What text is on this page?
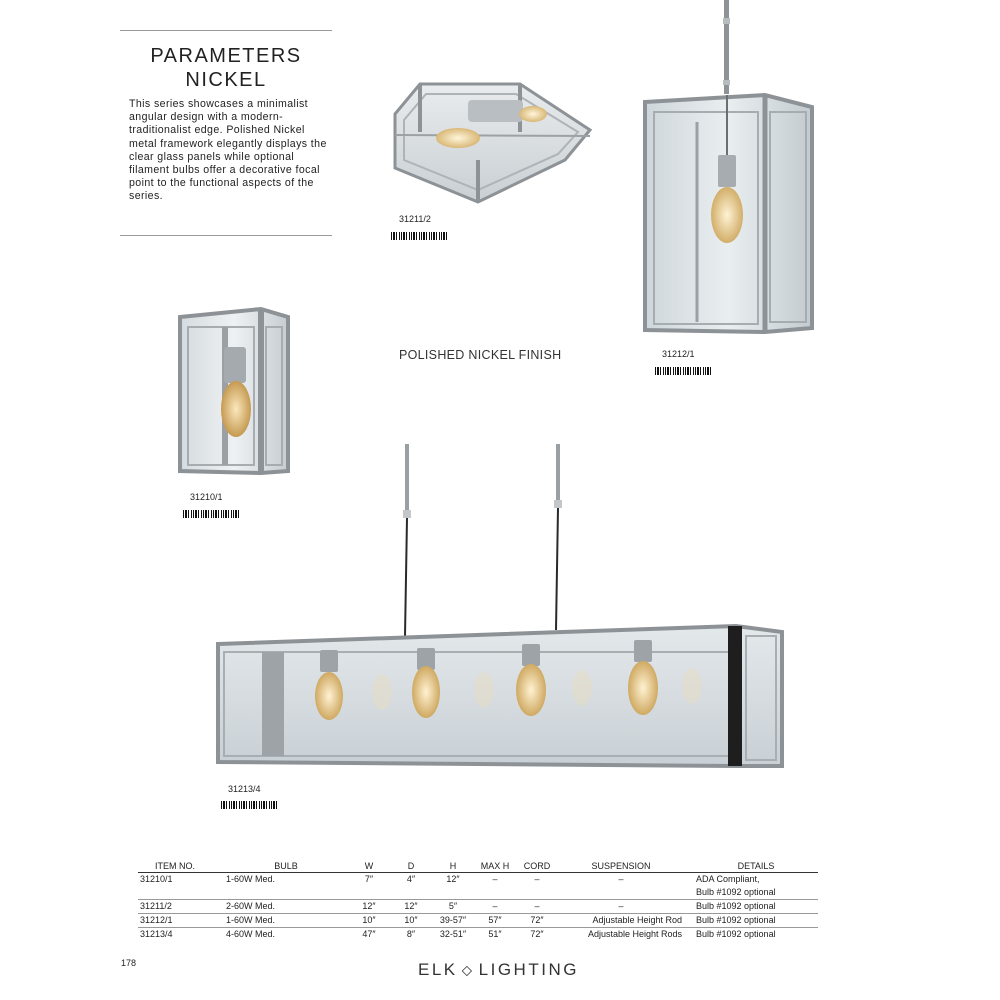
PARAMETERS
NICKEL
This series showcases a minimalist angular design with a modern-traditionalist edge. Polished Nickel metal framework elegantly displays the clear glass panels while optional filament bulbs offer a decorative focal point to the functional aspects of the series.
31211/2
31212/1
POLISHED NICKEL FINISH
31210/1
31213/4
ITEM NO.	BULB	W	D	H	MAX H	CORD	SUSPENSION	DETAILS
31210/1	1-60W Med.	7″	4″	12″	–	–	–	ADA Compliant,
								Bulb #1092 optional
31211/2	2-60W Med.	12″	12″	5″	–	–	–	Bulb #1092 optional
31212/1	1-60W Med.	10″	10″	39-57″	57″	72″	Adjustable Height Rod	Bulb #1092 optional
31213/4	4-60W Med.	47″	8″	32-51″	51″	72″	Adjustable Height Rods	Bulb #1092 optional
178	ELK ⬦ LIGHTING
